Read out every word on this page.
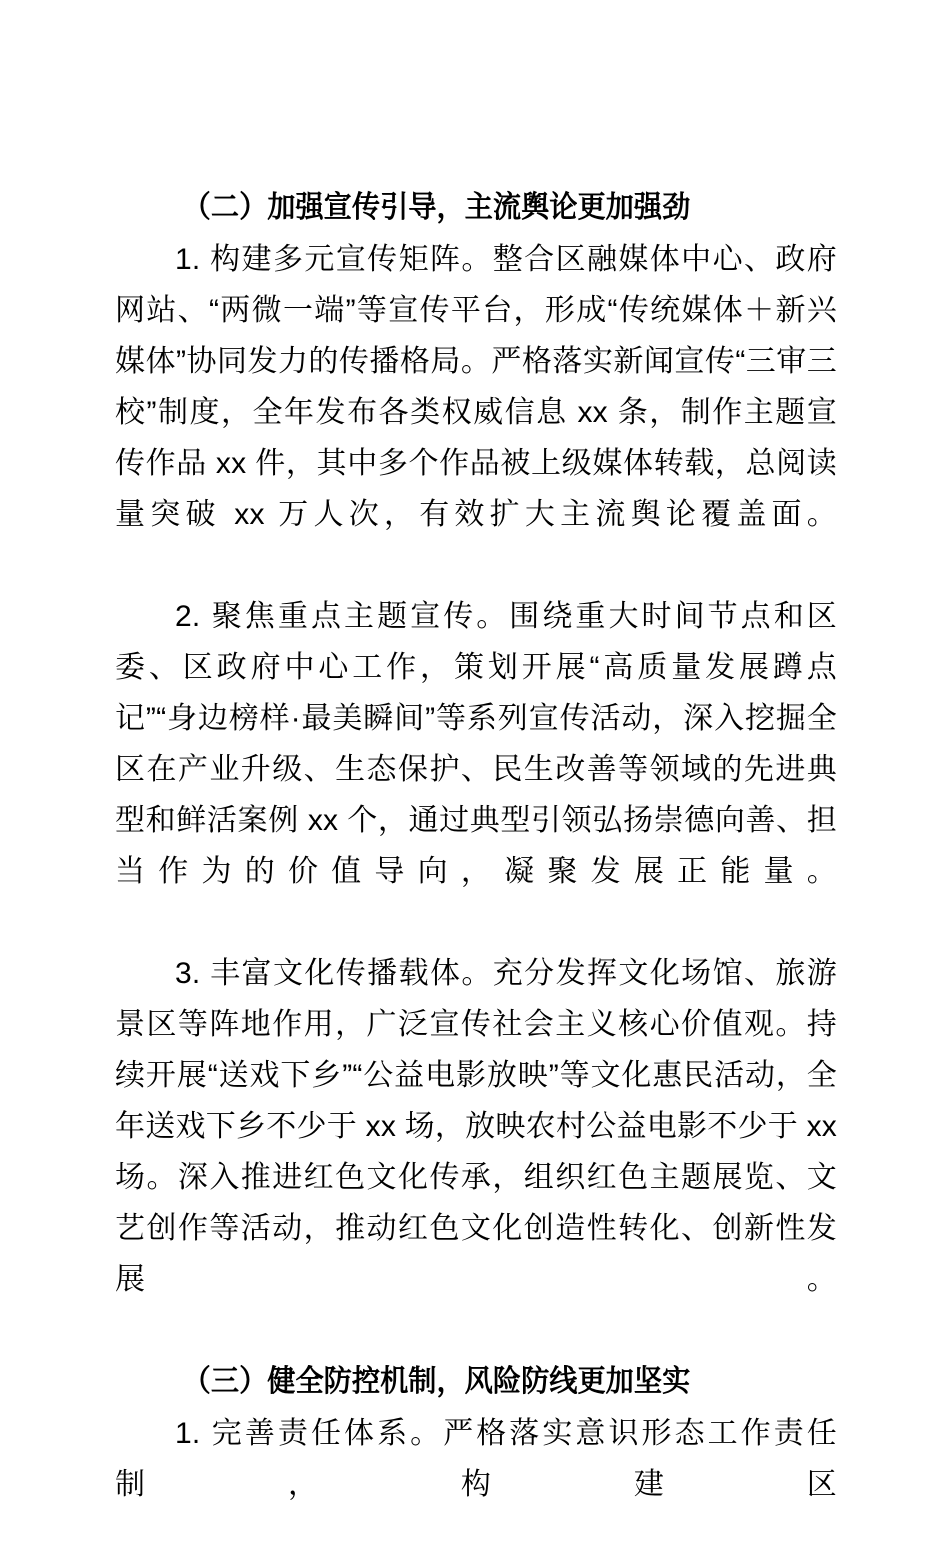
（二）加强宣传引导，主流舆论更加强劲

1. 构建多元宣传矩阵。整合区融媒体中心、政府网站、“两微一端”等宣传平台，形成“传统媒体＋新兴媒体”协同发力的传播格局。严格落实新闻宣传“三审三校”制度，全年发布各类权威信息 xx 条，制作主题宣传作品 xx 件，其中多个作品被上级媒体转载，总阅读量突破 xx 万人次，有效扩大主流舆论覆盖面。

2. 聚焦重点主题宣传。围绕重大时间节点和区委、区政府中心工作，策划开展“高质量发展蹲点记”“身边榜样·最美瞬间”等系列宣传活动，深入挖掘全区在产业升级、生态保护、民生改善等领域的先进典型和鲜活案例 xx 个，通过典型引领弘扬崇德向善、担当作为的价值导向，凝聚发展正能量。

3. 丰富文化传播载体。充分发挥文化场馆、旅游景区等阵地作用，广泛宣传社会主义核心价值观。持续开展“送戏下乡”“公益电影放映”等文化惠民活动，全年送戏下乡不少于 xx 场，放映农村公益电影不少于 xx 场。深入推进红色文化传承，组织红色主题展览、文艺创作等活动，推动红色文化创造性转化、创新性发展。

（三）健全防控机制，风险防线更加坚实

1. 完善责任体系。严格落实意识形态工作责任制，构建区
